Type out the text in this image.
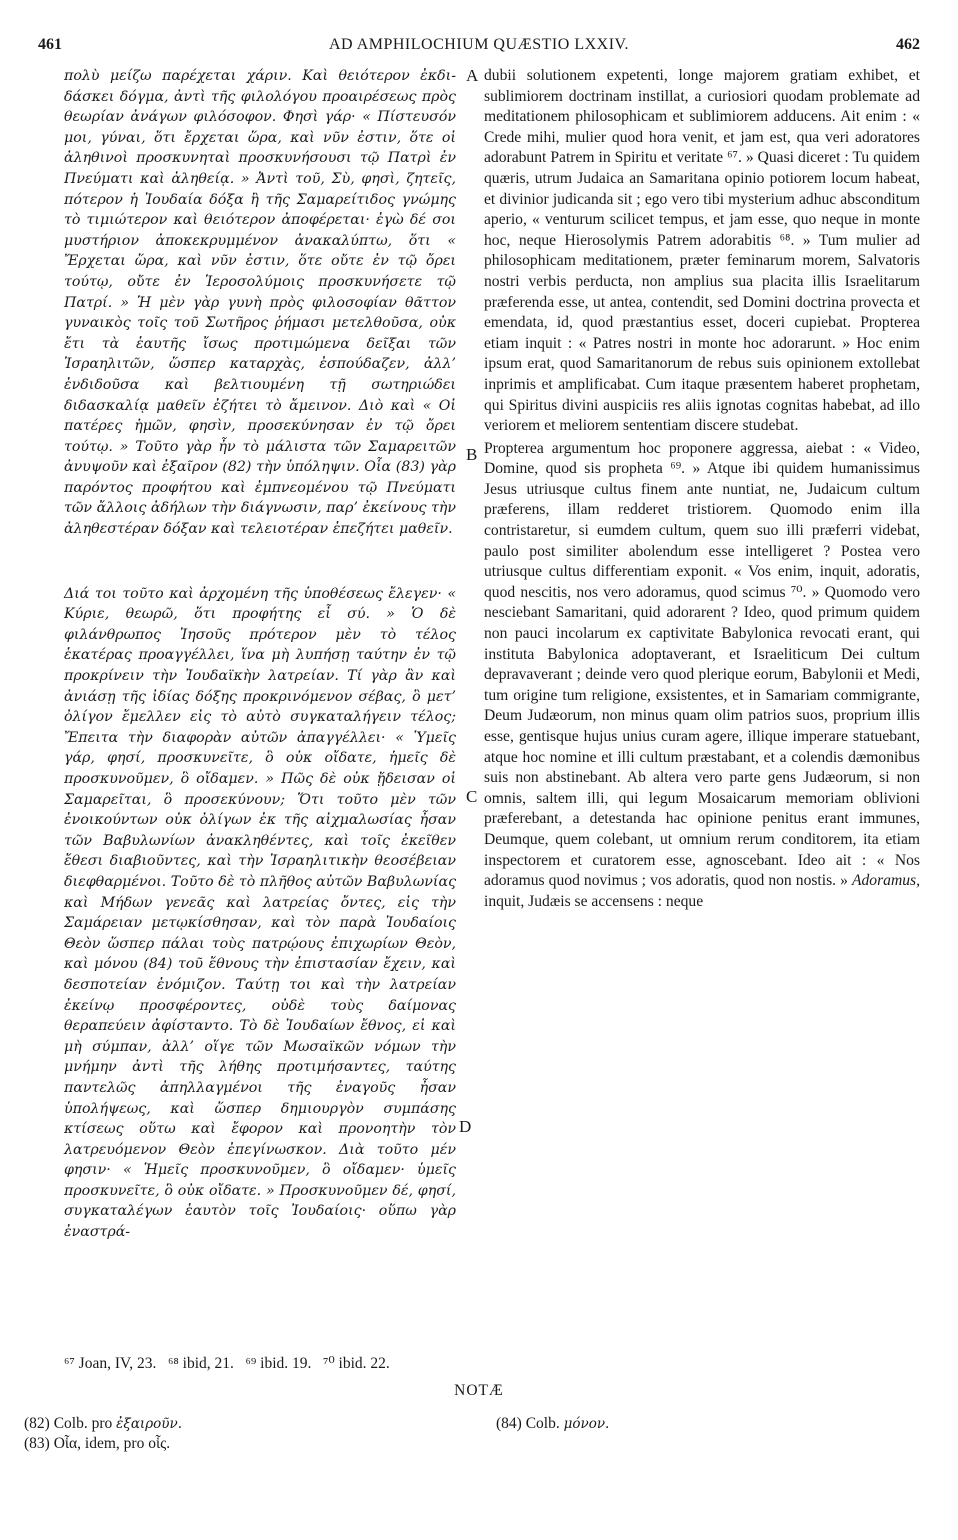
461	AD AMPHILOCHIUM QUÆSTIO LXXIV.	462

πολὺ μείζω παρέχεται χάριν. Καὶ θειότερον ἐκδι-δάσκει δόγμα, ἀντὶ τῆς φιλολόγου προαιρέσεως πρὸς θεωρίαν ἀνάγων φιλόσοφον. Φησὶ γάρ· « Πίστευσόν μοι, γύναι, ὅτι ἔρχεται ὥρα, καὶ νῦν ἐστιν, ὅτε οἱ ἀληθινοὶ προσκυνηταὶ προσκυνήσουσι τῷ Πατρὶ ἐν Πνεύματι καὶ ἀληθείᾳ. » Ἀντὶ τοῦ, Σὺ, φησὶ, ζητεῖς, πότερον ἡ Ἰουδαία δόξα ἢ τῆς Σαμαρείτιδος γνώμης τὸ τιμιώτερον καὶ θειότερον ἀποφέρεται· ἐγὼ δέ σοι μυστήριον ἀποκεκρυμμένον ἀνακαλύπτω, ὅτι « Ἔρχεται ὥρα, καὶ νῦν ἐστιν, ὅτε οὔτε ἐν τῷ ὄρει τούτῳ, οὔτε ἐν Ἱεροσολύμοις προσκυνήσετε τῷ Πατρί. » Ἡ μὲν γὰρ γυνὴ πρὸς φιλοσοφίαν θᾶττον γυναικὸς τοῖς τοῦ Σωτῆρος ῥήμασι μετελθοῦσα, οὐκ ἔτι τὰ ἑαυτῆς ἴσως προτιμώμενα δεῖξαι τῶν Ἰσραηλιτῶν, ὥσπερ καταρχὰς, ἐσπούδαζεν, ἀλλ’ ἐνδιδοῦσα καὶ βελτιουμένη τῇ σωτηριώδει διδασκαλίᾳ μαθεῖν ἐζήτει τὸ ἄμεινον. Διὸ καὶ « Οἱ πατέρες ἡμῶν, φησὶν, προσεκύνησαν ἐν τῷ ὄρει τούτῳ. » Τοῦτο γὰρ ἦν τὸ μάλιστα τῶν Σαμαρειτῶν ἀνυψοῦν καὶ ἐξαῖρον (82) τὴν ὑπόληψιν. Οἷα (83) γὰρ παρόντος προφήτου καὶ ἐμπνεομένου τῷ Πνεύματι τῶν ἄλλοις ἀδήλων τὴν διάγνωσιν, παρ’ ἐκείνους τὴν ἀληθεστέραν δόξαν καὶ τελειοτέραν ἐπεζήτει μαθεῖν.

Διά τοι τοῦτο καὶ ἀρχομένη τῆς ὑποθέσεως ἔλεγεν· « Κύριε, θεωρῶ, ὅτι προφήτης εἶ σύ. » Ὁ δὲ φιλάνθρωπος Ἰησοῦς πρότερον μὲν τὸ τέλος ἑκατέρας προαγγέλλει, ἵνα μὴ λυπήσῃ ταύτην ἐν τῷ προκρίνειν τὴν Ἰουδαϊκὴν λατρείαν. Τί γὰρ ἂν καὶ ἀνιάσῃ τῆς ἰδίας δόξης προκρινόμενον σέβας, ὃ μετ’ ὀλίγον ἔμελλεν εἰς τὸ αὐτὸ συγκαταλήγειν τέλος; Ἔπειτα τὴν διαφορὰν αὐτῶν ἀπαγγέλλει· « Ὑμεῖς γάρ, φησί, προσκυνεῖτε, ὃ οὐκ οἴδατε, ἡμεῖς δὲ προσκυνοῦμεν, ὃ οἴδαμεν. » Πῶς δὲ οὐκ ᾔδεισαν οἱ Σαμαρεῖται, ὃ προσεκύνουν; Ὅτι τοῦτο μὲν τῶν ἐνοικούντων οὐκ ὀλίγων ἐκ τῆς αἰχμαλωσίας ἦσαν τῶν Βαβυλωνίων ἀνακληθέντες, καὶ τοῖς ἐκεῖθεν ἔθεσι διαβιοῦντες, καὶ τὴν Ἰσραηλιτικὴν θεοσέβειαν διεφθαρμένοι. Τοῦτο δὲ τὸ πλῆθος αὐτῶν Βαβυλωνίας καὶ Μήδων γενεᾶς καὶ λατρείας ὄντες, εἰς τὴν Σαμάρειαν μετῳκίσθησαν, καὶ τὸν παρὰ Ἰουδαίοις Θεὸν ὥσπερ πάλαι τοὺς πατρῴους ἐπιχωρίων Θεὸν, καὶ μόνου (84) τοῦ ἔθνους τὴν ἐπιστασίαν ἔχειν, καὶ δεσποτείαν ἐνόμιζον. Ταύτῃ τοι καὶ τὴν λατρείαν ἐκείνῳ προσφέροντες, οὐδὲ τοὺς δαίμονας θεραπεύειν ἀφίσταντο. Τὸ δὲ Ἰουδαίων ἔθνος, εἰ καὶ μὴ σύμπαν, ἀλλ’ οἵγε τῶν Μωσαϊκῶν νόμων τὴν μνήμην ἀντὶ τῆς λήθης προτιμήσαντες, ταύτης παντελῶς ἀπηλλαγμένοι τῆς ἐναγοῦς ἦσαν ὑπολήψεως, καὶ ὥσπερ δημιουργὸν συμπάσης κτίσεως οὕτω καὶ ἔφορον καὶ προνοητὴν τὸν λατρευόμενον Θεὸν ἐπεγίνωσκον. Διὰ τοῦτο μέν φησιν· « Ἡμεῖς προσκυνοῦμεν, ὃ οἴδαμεν· ὑμεῖς προσκυνεῖτε, ὃ οὐκ οἴδατε. » Προσκυνοῦμεν δέ, φησί, συγκαταλέγων ἑαυτὸν τοῖς Ἰουδαίοις· οὕπω γὰρ ἐναστρά-

dubii solutionem expetenti, longe majorem gratiam exhibet, et sublimiorem doctrinam instillat, a curiosiori quodam problemate ad meditationem philosophicam et sublimiorem adducens. Ait enim : « Crede mihi, mulier quod hora venit, et jam est, qua veri adoratores adorabunt Patrem in Spiritu et veritate ⁶⁷. » Quasi diceret : Tu quidem quæris, utrum Judaica an Samaritana opinio potiorem locum habeat, et divinior judicanda sit ; ego vero tibi mysterium adhuc absconditum aperio, « venturum scilicet tempus, et jam esse, quo neque in monte hoc, neque Hierosolymis Patrem adorabitis ⁶⁸. » Tum mulier ad philosophicam meditationem, præter feminarum morem, Salvatoris nostri verbis perducta, non amplius sua placita illis Israelitarum præferenda esse, ut antea, contendit, sed Domini doctrina provecta et emendata, id, quod præstantius esset, doceri cupiebat. Propterea etiam inquit : « Patres nostri in monte hoc adorarunt. » Hoc enim ipsum erat, quod Samaritanorum de rebus suis opinionem extollebat inprimis et amplificabat. Cum itaque præsentem haberet prophetam, qui Spiritus divini auspiciis res aliis ignotas cognitas habebat, ad illo veriorem et meliorem sententiam discere studebat.

Propterea argumentum hoc proponere aggressa, aiebat : « Video, Domine, quod sis propheta ⁶⁹. » Atque ibi quidem humanissimus Jesus utriusque cultus finem ante nuntiat, ne, Judaicum cultum præferens, illam redderet tristiorem. Quomodo enim illa contristaretur, si eumdem cultum, quem suo illi præferri videbat, paulo post similiter abolendum esse intelligeret ? Postea vero utriusque cultus differentiam exponit. « Vos enim, inquit, adoratis, quod nescitis, nos vero adoramus, quod scimus ⁷⁰. » Quomodo vero nesciebant Samaritani, quid adorarent ? Ideo, quod primum quidem non pauci incolarum ex captivitate Babylonica revocati erant, qui instituta Babylonica adoptaverant, et Israeliticum Dei cultum depravaverant ; deinde vero quod plerique eorum, Babylonii et Medi, tum origine tum religione, exsistentes, et in Samariam commigrante, Deum Judæorum, non minus quam olim patrios suos, proprium illis esse, gentisque hujus unius curam agere, illique imperare statuebant, atque hoc nomine et illi cultum præstabant, et a colendis dæmonibus suis non abstinebant. Ab altera vero parte gens Judæorum, si non omnis, saltem illi, qui legum Mosaicarum memoriam oblivioni præferebant, a detestanda hac opinione penitus erant immunes, Deumque, quem colebant, ut omnium rerum conditorem, ita etiam inspectorem et curatorem esse, agnoscebant. Ideo ait : « Nos adoramus quod novimus ; vos adoratis, quod non nostis. » Adoramus, inquit, Judæis se accensens : neque

A
B
C
D
⁶⁷ Joan, IV, 23.   ⁶⁸ ibid, 21.   ⁶⁹ ibid. 19.   ⁷⁰ ibid. 22.
NOTÆ
(82) Colb. pro ἐξαιροῦν.
(83) Οἷα, idem, pro οἷς.
(84) Colb. μόνον.
